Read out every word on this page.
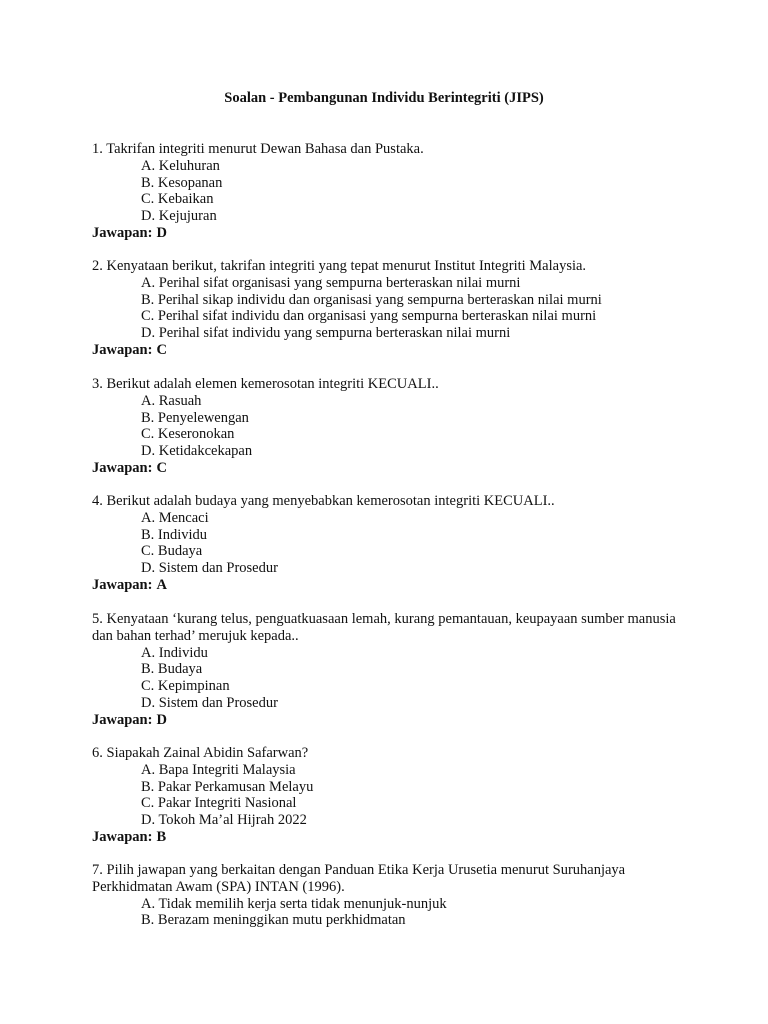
Soalan - Pembangunan Individu Berintegriti (JIPS)
1. Takrifan integriti menurut Dewan Bahasa dan Pustaka.
A. Keluhuran
B. Kesopanan
C. Kebaikan
D. Kejujuran
Jawapan: D
2. Kenyataan berikut, takrifan integriti yang tepat menurut Institut Integriti Malaysia.
A. Perihal sifat organisasi yang sempurna berteraskan nilai murni
B. Perihal sikap individu dan organisasi yang sempurna berteraskan nilai murni
C. Perihal sifat individu dan organisasi yang sempurna berteraskan nilai murni
D. Perihal sifat individu yang sempurna berteraskan nilai murni
Jawapan: C
3. Berikut adalah elemen kemerosotan integriti KECUALI..
A. Rasuah
B. Penyelewengan
C. Keseronokan
D. Ketidakcekapan
Jawapan: C
4. Berikut adalah budaya yang menyebabkan kemerosotan integriti KECUALI..
A. Mencaci
B. Individu
C. Budaya
D. Sistem dan Prosedur
Jawapan: A
5. Kenyataan ‘kurang telus, penguatkuasaan lemah, kurang pemantauan, keupayaan sumber manusia dan bahan terhad’ merujuk kepada..
A. Individu
B. Budaya
C. Kepimpinan
D. Sistem dan Prosedur
Jawapan: D
6. Siapakah Zainal Abidin Safarwan?
A. Bapa Integriti Malaysia
B. Pakar Perkamusan Melayu
C. Pakar Integriti Nasional
D. Tokoh Ma’al Hijrah 2022
Jawapan: B
7. Pilih jawapan yang berkaitan dengan Panduan Etika Kerja Urusetia menurut Suruhanjaya Perkhidmatan Awam (SPA) INTAN (1996).
A. Tidak memilih kerja serta tidak menunjuk-nunjuk
B. Berazam meninggikan mutu perkhidmatan
